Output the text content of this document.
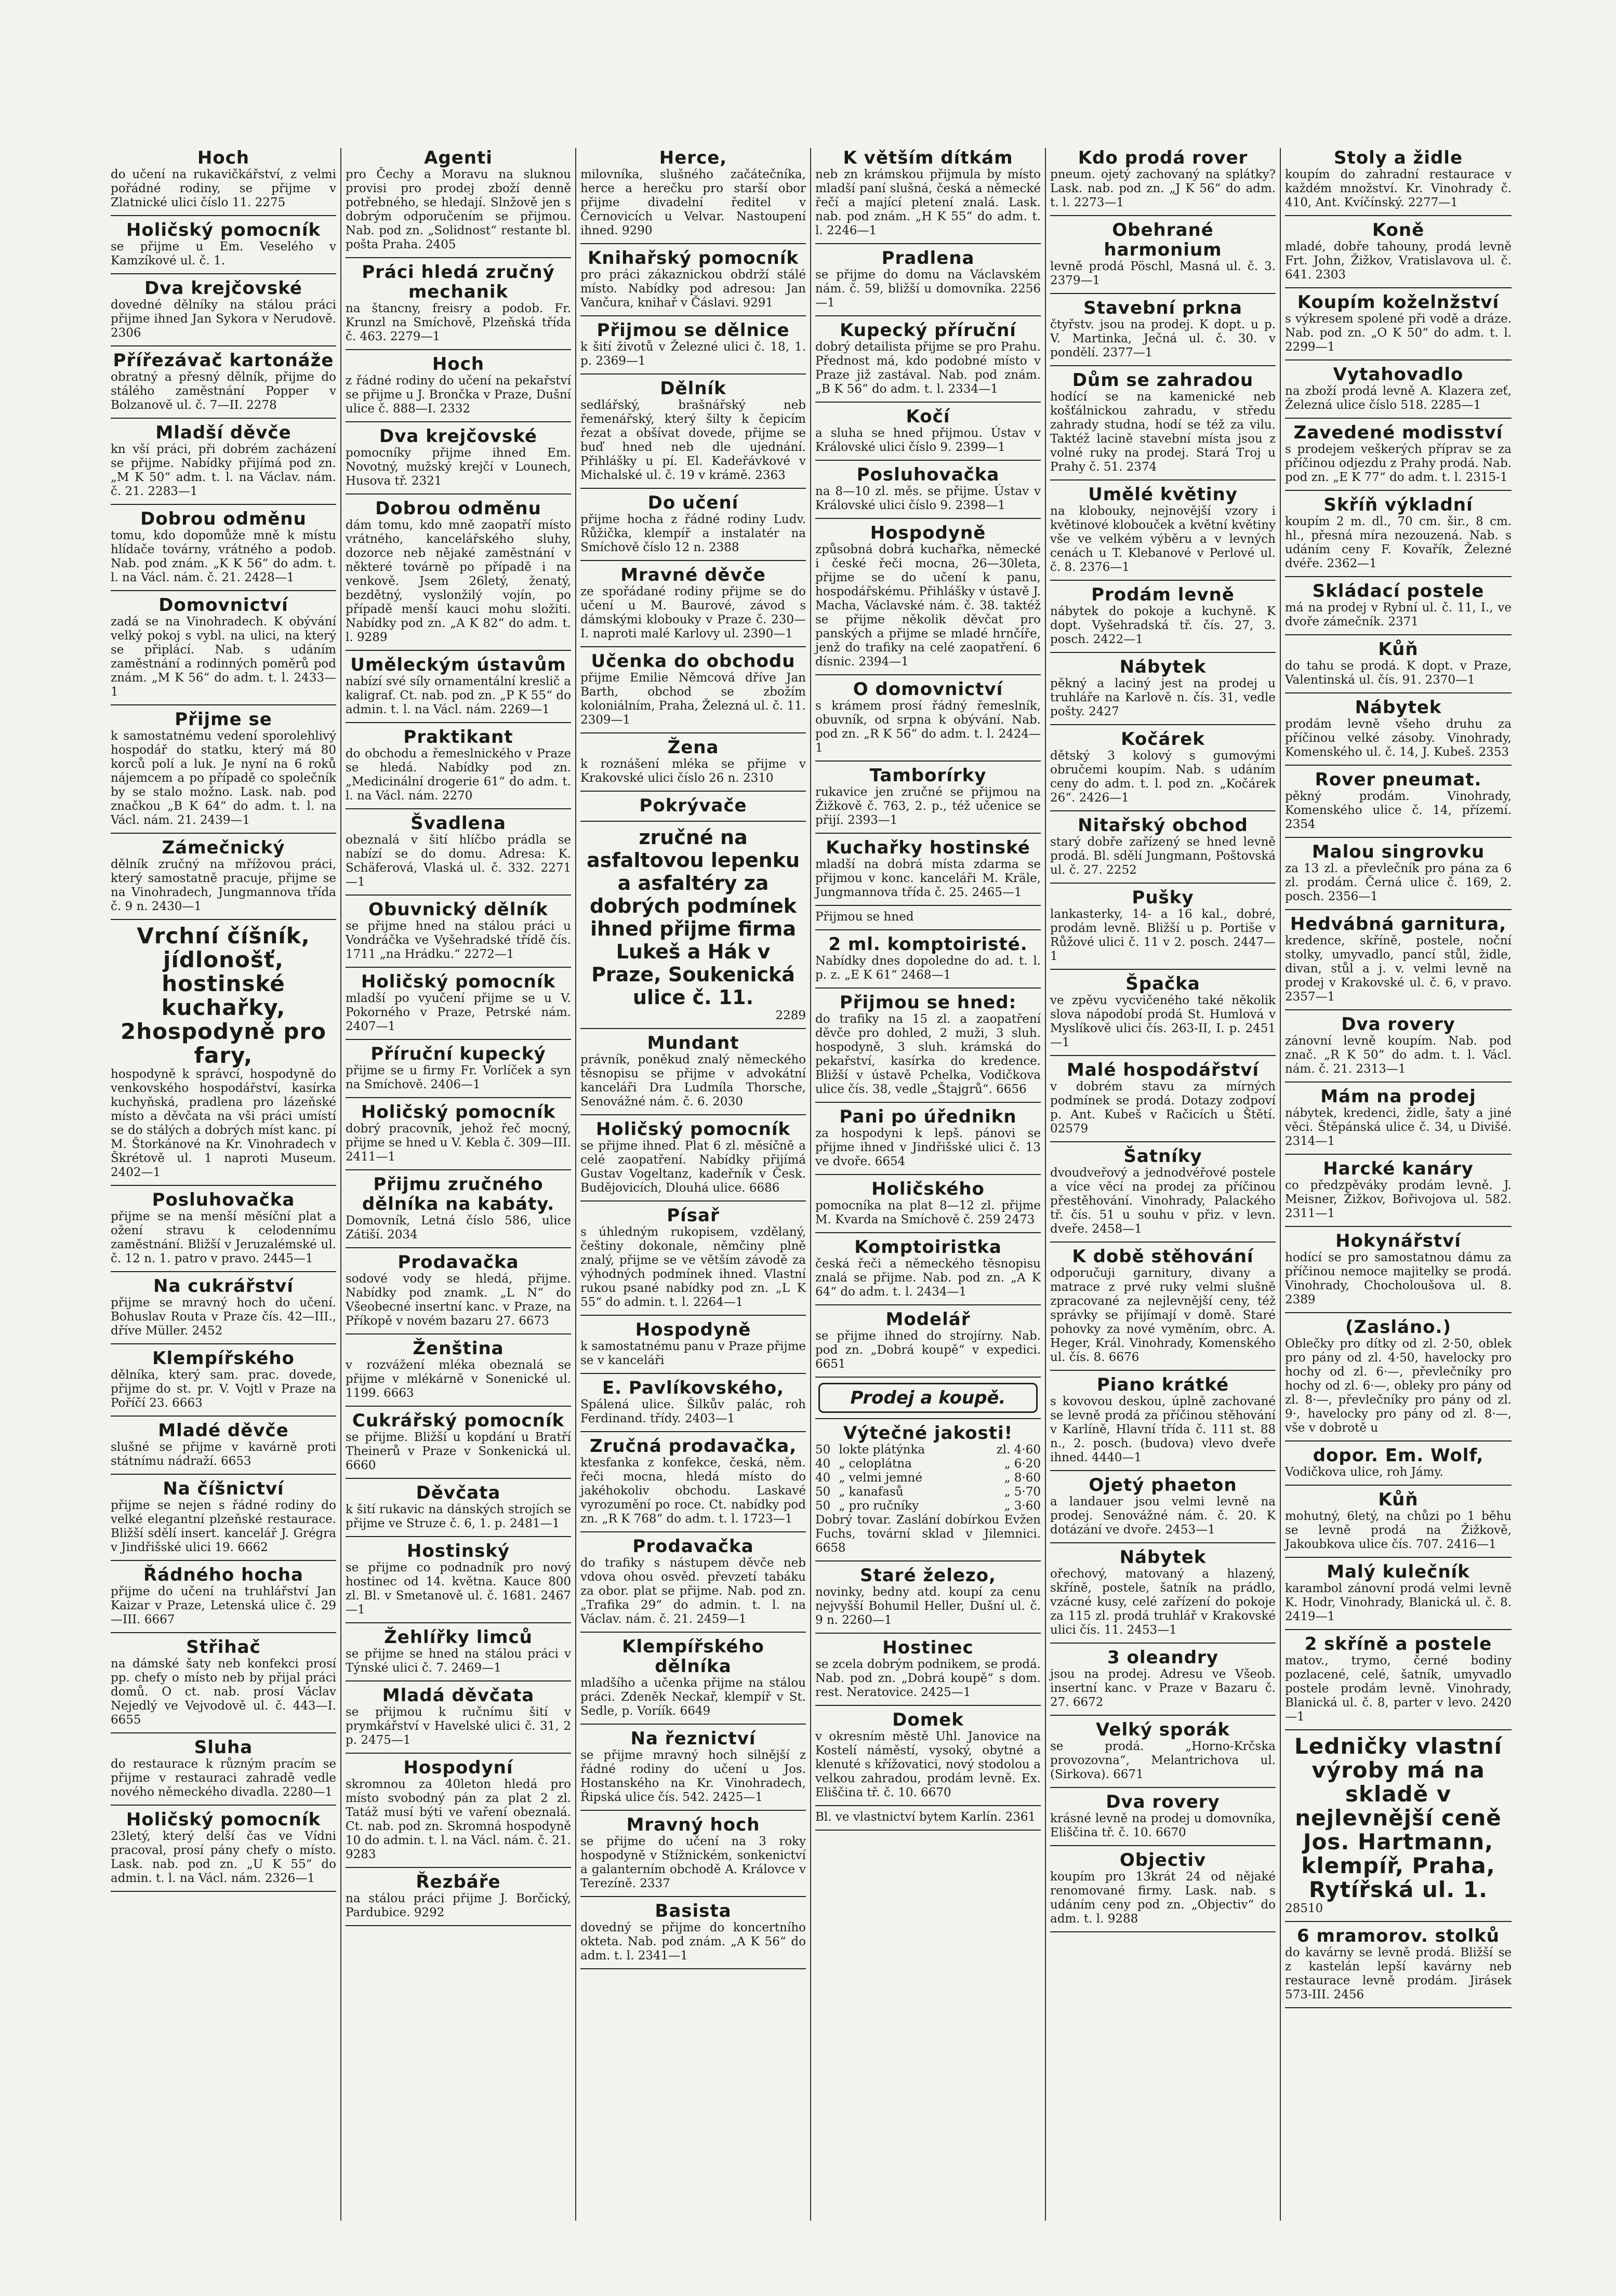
Hoch

do učení na rukavičkářství, z velmi pořádné rodiny, se přijme v Zlatnické ulici číslo 11. 2275

Holičský pomocník

se přijme u Em. Veselého v Kamzíkové ul. č. 1.

Dva krejčovské

dovedné dělníky na stálou práci přijme ihned Jan Sykora v Nerudově. 2306

Přířezávač kartonáže

obratný a přesný dělník, přijme do stálého zaměstnání Popper v Bolzanově ul. č. 7—II. 2278

Mladší děvče

kn vší práci, při dobrém zacházení se přijme. Nabídky přijímá pod zn. „M K 50“ adm. t. l. na Václav. nám. č. 21. 2283—1

Dobrou odměnu

tomu, kdo dopomůže mně k místu hlídače továrny, vrátného a podob. Nab. pod znám. „K K 56“ do adm. t. l. na Václ. nám. č. 21. 2428—1

Domovnictví

zadá se na Vinohradech. K obývání velký pokoj s vybl. na ulici, na který se připlácí. Nab. s udáním zaměstnání a rodinných poměrů pod znám. „M K 56“ do adm. t. l. 2433—1

Přijme se

k samostatnému vedení sporolehlivý hospodář do statku, který má 80 korců polí a luk. Je nyní na 6 roků nájemcem a po případě co společník by se stalo možno. Lask. nab. pod značkou „B K 64“ do adm. t. l. na Václ. nám. 21. 2439—1

Zámečnický

dělník zručný na mřížovou práci, který samostatně pracuje, přijme se na Vinohradech, Jungmannova třída č. 9 n. 2430—1

Vrchní číšník, jídlonošť, hostinské kuchařky, 2hospodyně pro fary,

hospodyně k správcí, hospodyně do venkovského hospodářství, kasírka kuchyňská, pradlena pro lázeňské místo a děvčata na vši práci umístí se do stálých a dobrých míst kanc. pí M. Štorkánové na Kr. Vinohradech v Škrétově ul. 1 naproti Museum. 2402—1

Posluhovačka

přijme se na menší měsíční plat a ožení stravu k celodennímu zaměstnání. Bližší v Jeruzalémské ul. č. 12 n. 1. patro v pravo. 2445—1

Na cukrářství

přijme se mravný hoch do učení. Bohuslav Routa v Praze čís. 42—III., dříve Müller. 2452

Klempířského

dělníka, který sam. prac. dovede, přijme do st. pr. V. Vojtl v Praze na Poříčí 23. 6663

Mladé děvče

slušné se přijme v kavárně proti státnímu nádraží. 6653

Na číšnictví

přijme se nejen s řádné rodiny do velké elegantní plzeňské restaurace. Bližší sdělí insert. kancelář J. Grégra v Jindřišské ulici 19. 6662

Řádného hocha

přijme do učení na truhlářství Jan Kaizar v Praze, Letenská ulice č. 29—III. 6667

Střihač

na dámské šaty neb konfekci prosí pp. chefy o místo neb by přijal práci domů. O ct. nab. prosí Václav Nejedlý ve Vejvodově ul. č. 443—I. 6655

Sluha

do restaurace k různým pracím se přijme v restauraci zahradě vedle nového německého divadla. 2280—1

Holičský pomocník

23letý, který delší čas ve Vídni pracoval, prosí pány chefy o místo. Lask. nab. pod zn. „U K 55“ do admin. t. l. na Václ. nám. 2326—1

Agenti

pro Čechy a Moravu na sluknou provisi pro prodej zboží denně potřebného, se hledají. Slnžově jen s dobrým odporučením se přijmou. Nab. pod zn. „Solidnost“ restante bl. pošta Praha. 2405

Práci hledá zručný mechanik

na štancny, freisry a podob. Fr. Krunzl na Smíchově, Plzeňská třída č. 463. 2279—1

Hoch

z řádné rodiny do učení na pekařství se přijme u J. Brončka v Praze, Dušní ulice č. 888—I. 2332

Dva krejčovské

pomocníky přijme ihned Em. Novotný, mužský krejčí v Lounech, Husova tř. 2321

Dobrou odměnu

dám tomu, kdo mně zaopatří místo vrátného, kancelářského sluhy, dozorce neb nějaké zaměstnání v některé továrně po případě i na venkově. Jsem 26letý, ženatý, bezdětný, vyslonžilý vojín, po případě menší kauci mohu složiti. Nabídky pod zn. „A K 82“ do adm. t. l. 9289

Uměleckým ústavům

nabízí své síly ornamentální kreslič a kaligraf. Ct. nab. pod zn. „P K 55“ do admin. t. l. na Václ. nám. 2269—1

Praktikant

do obchodu a řemeslnického v Praze se hledá. Nabídky pod zn. „Medicinální drogerie 61“ do adm. t. l. na Václ. nám. 2270

Švadlena

obeznalá v šití hlíčbo prádla se nabízí se do domu. Adresa: K. Schäferová, Vlaská ul. č. 332. 2271—1

Obuvnický dělník

se přijme hned na stálou práci u Vondráčka ve Vyšehradské třídě čís. 1711 „na Hrádku.“ 2272—1

Holičský pomocník

mladší po vyučení přijme se u V. Pokorného v Praze, Petrské nám. 2407—1

Příruční kupecký

přijme se u firmy Fr. Vorlíček a syn na Smíchově. 2406—1

Holičský pomocník

dobrý pracovník, jehož řeč mocný, přijme se hned u V. Kebla č. 309—III. 2411—1

Přijmu zručného dělníka na kabáty.

Domovník, Letná číslo 586, ulice Zátiší. 2034

Prodavačka

sodové vody se hledá, přijme. Nabídky pod znamk. „L N“ do Všeobecné insertní kanc. v Praze, na Příkopě v novém bazaru 27. 6673

Ženština

v rozvážení mléka obeznalá se přijme v mlékárně v Sonenické ul. 1199. 6663

Cukrářský pomocník

se přijme. Bližší u kopdání u Bratří Theinerů v Praze v Sonkenická ul. 6660

Děvčata

k šití rukavic na dánských strojích se přijme ve Struze č. 6, 1. p. 2481—1

Hostinský

se přijme co podnadník pro nový hostinec od 14. května. Kauce 800 zl. Bl. v Smetanově ul. č. 1681. 2467—1

Žehlířky limců

se přijme se hned na stálou práci v Týnské ulici č. 7. 2469—1

Mladá děvčata

se přijmou k ručnímu šití v prymkářství v Havelské ulici č. 31, 2 p. 2475—1

Hospodyní

skromnou za 40leton hledá pro místo svobodný pán za plat 2 zl. Tatáž musí býti ve vaření obeznalá. Ct. nab. pod zn. Skromná hospodyně 10 do admin. t. l. na Václ. nám. č. 21. 9283

Řezbáře

na stálou práci přijme J. Borčický, Pardubice. 9292

Herce,

milovníka, slušného začátečníka, herce a herečku pro starší obor přijme divadelní ředitel v Černovicích u Velvar. Nastoupení ihned. 9290

Knihařský pomocník

pro práci zákaznickou obdrží stálé místo. Nabídky pod adresou: Jan Vančura, knihař v Čáslavi. 9291

Přijmou se dělnice

k šití životů v Železné ulici č. 18, 1. p. 2369—1

Dělník

sedlářský, brašnářský neb řemenářský, který šilty k čepicím řezat a obšívat dovede, přijme se buď hned neb dle ujednání. Přihlášky u pí. El. Kadeřávkové v Michalské ul. č. 19 v krámě. 2363

Do učení

přijme hocha z řádné rodiny Ludv. Růžička, klempíř a instalatér na Smíchově číslo 12 n. 2388

Mravné děvče

ze spořádané rodiny přijme se do učení u M. Baurové, závod s dámskými klobouky v Praze č. 230—I. naproti malé Karlovy ul. 2390—1

Učenka do obchodu

přijme Emilie Němcová dříve Jan Barth, obchod se zbožím koloniálním, Praha, Železná ul. č. 11. 2309—1

Žena

k roznášení mléka se přijme v Krakovské ulici číslo 26 n. 2310

Pokrývače

zručné na asfaltovou lepenku a asfaltéry za dobrých podmínek ihned přijme firma Lukeš a Hák v Praze, Soukenická ulice č. 11.

2289

Mundant

právník, poněkud znalý německého těsnopisu se přijme v advokátní kanceláři Dra Ludmíla Thorsche, Senovážné nám. č. 6. 2030

Holičský pomocník

se přijme ihned. Plat 6 zl. měsíčně a celé zaopatření. Nabídky přijímá Gustav Vogeltanz, kadeřník v Česk. Budějovicích, Dlouhá ulice. 6686

Písař

s úhledným rukopisem, vzdělaný, češtiny dokonale, němčiny plně znalý, přijme se ve větším závodě za výhodných podmínek ihned. Vlastní rukou psané nabídky pod zn. „L K 55“ do admin. t. l. 2264—1

Hospodyně

k samostatnému panu v Praze přijme se v kanceláři

E. Pavlíkovského,

Spálená ulice. Šilkův palác, roh Ferdinand. třídy. 2403—1

Zručná prodavačka,

ktesfanka z konfekce, česká, něm. řeči mocna, hledá místo do jakéhokoliv obchodu. Laskavé vyrozumění po roce. Ct. nabídky pod zn. „R K 768“ do adm. t. l. 1723—1

Prodavačka

do trafiky s nástupem děvče neb vdova ohou osvěd. převzetí tabáku za obor. plat se přijme. Nab. pod zn. „Trafika 29“ do admin. t. l. na Václav. nám. č. 21. 2459—1

Klempířského dělníka

mladšího a učenka přijme na stálou práci. Zdeněk Neckař, klempíř v St. Sedle, p. Voríík. 6649

Na řeznictví

se přijme mravný hoch silnější z řádné rodiny do učení u Jos. Hostanského na Kr. Vinohradech, Řipská ulice čís. 542. 2425—1

Mravný hoch

se přijme do učení na 3 roky hospodyně v Stížnickém, sonkenictví a galanterním obchodě A. Královce v Terezíně. 2337

Basista

dovedný se přijme do koncertního okteta. Nab. pod znám. „A K 56“ do adm. t. l. 2341—1

K větším dítkám

neb zn krámskou přijmula by místo mladší paní slušná, česká a německé řečí a mající pletení znalá. Lask. nab. pod znám. „H K 55“ do adm. t. l. 2246—1

Pradlena

se přijme do domu na Václavském nám. č. 59, bližší u domovníka. 2256—1

Kupecký příruční

dobrý detailista přijme se pro Prahu. Přednost má, kdo podobné místo v Praze již zastával. Nab. pod znám. „B K 56“ do adm. t. l. 2334—1

Kočí

a sluha se hned přijmou. Ústav v Královské ulici číslo 9. 2399—1

Posluhovačka

na 8—10 zl. měs. se přijme. Ústav v Královské ulici číslo 9. 2398—1

Hospodyně

způsobná dobrá kuchařka, německé i české řeči mocna, 26—30leta, přijme se do učení k panu, hospodářskému. Přihlášky v ústavě J. Macha, Václavské nám. č. 38. taktéž se přijme několik děvčat pro panských a přijme se mladé hrnčíře, jenž do trafiky na celé zaopatření. 6 dísnic. 2394—1

O domovnictví

s krámem prosí řádný řemeslník, obuvník, od srpna k obývání. Nab. pod zn. „R K 56“ do adm. t. l. 2424—1

Tamborírky

rukavice jen zručné se přijmou na Žižkově č. 763, 2. p., též učenice se přijí. 2393—1

Kuchařky hostinské

mladší na dobrá místa zdarma se přijmou v konc. kanceláři M. Kräle, Jungmannova třída č. 25. 2465—1

Přijmou se hned

2 ml. komptoiristé.

Nabídky dnes dopoledne do ad. t. l. p. z. „E K 61“ 2468—1

Přijmou se hned:

do trafiky na 15 zl. a zaopatření děvče pro dohled, 2 muži, 3 sluh. hospodyně, 3 sluh. krámská do pekařství, kasírka do kredence. Bližší v ústavě Pchelka, Vodičkova ulice čís. 38, vedle „Štajgrů“. 6656

Pani po úřednikn

za hospodyni k lepš. pánovi se přijme ihned v Jindřišské ulici č. 13 ve dvoře. 6654

Holičského

pomocníka na plat 8—12 zl. přijme M. Kvarda na Smíchově č. 259 2473

Komptoiristka

česká řeči a německého těsnopisu znalá se přijme. Nab. pod zn. „A K 64“ do adm. t. l. 2434—1

Modelář

se přijme ihned do strojírny. Nab. pod zn. „Dobrá koupě“ v expedici. 6651

Prodej a koupě.
Výtečné jakosti!
50	lokte plátýnka	zl. 4·60
40	„ celoplátna	„ 6·20
40	„ velmi jemné	„ 8·60
50	„ kanafasů	„ 5·70
50	„ pro ručníky	„ 3·60

Dobrý tovar. Zaslání dobírkou Evžen Fuchs, tovární sklad v Jilemnici. 6658

Staré železo,

novinky, bedny atd. koupí za cenu nejvyšší Bohumil Heller, Dušní ul. č. 9 n. 2260—1

Hostinec

se zcela dobrým podnikem, se prodá. Nab. pod zn. „Dobrá koupě“ s dom. rest. Neratovice. 2425—1

Domek

v okresním městě Uhl. Janovice na Kostelí náměstí, vysoký, obytné a klenuté s křížovatici, nový stodolou a velkou zahradou, prodám levně. Ex. Eliščina tř. č. 10. 6670

Bl. ve vlastnictví bytem Karlín. 2361

Kdo prodá rover

pneum. ojetý zachovaný na splátky? Lask. nab. pod zn. „J K 56“ do adm. t. l. 2273—1

Obehrané harmonium

levně prodá Pöschl, Masná ul. č. 3. 2379—1

Stavební prkna

čtyřstv. jsou na prodej. K dopt. u p. V. Martinka, Ječná ul. č. 30. v pondělí. 2377—1

Dům se zahradou

hodící se na kamenické neb košťálnickou zahradu, v středu zahrady studna, hodí se též za vilu. Taktéž lacině stavební místa jsou z volné ruky na prodej. Stará Troj u Prahy č. 51. 2374

Umělé květiny

na klobouky, nejnovější vzory i květinové klobouček a květní květiny vše ve velkém výběru a v levných cenách u T. Klebanové v Perlové ul. č. 8. 2376—1

Prodám levně

nábytek do pokoje a kuchyně. K dopt. Vyšehradská tř. čís. 27, 3. posch. 2422—1

Nábytek

pěkný a laciný jest na prodej u truhláře na Karlově n. čís. 31, vedle pošty. 2427

Kočárek

dětský 3 kolový s gumovými obručemi koupím. Nab. s udáním ceny do adm. t. l. pod zn. „Kočárek 26“. 2426—1

Nitařský obchod

starý dobře zařízený se hned levně prodá. Bl. sdělí Jungmann, Poštovská ul. č. 27. 2252

Pušky

lankasterky, 14- a 16 kal., dobré, prodám levně. Bližší u p. Portiše v Růžové ulici č. 11 v 2. posch. 2447—1

Špačka

ve zpěvu vycvičeného také několik slova nápodobí prodá St. Humlová v Myslíkově ulici čís. 263-II, I. p. 2451—1

Malé hospodářství

v dobrém stavu za mírných podmínek se prodá. Dotazy zodpoví p. Ant. Kubeš v Račicích u Štětí. 02579

Šatníky

dvoudveřový a jednodvéřové postele a více věcí na prodej za příčinou přestěhování. Vinohrady, Palackého tř. čís. 51 u souhu v přiz. v levn. dveře. 2458—1

K době stěhování

odporučuji garnitury, divany a matrace z prvé ruky velmi slušně zpracované za nejlevnější ceny, též správky se přijímají v domě. Staré pohovky za nové vyměním, obrc. A. Heger, Král. Vinohrady, Komenského ul. čís. 8. 6676

Piano krátké

s kovovou deskou, úplně zachované se levně prodá za příčinou stěhování v Karlíně, Hlavní třída č. 111 st. 88 n., 2. posch. (budova) vlevo dveře ihned. 4440—1

Ojetý phaeton

a landauer jsou velmi levně na prodej. Senovážné nám. č. 20. K dotázání ve dvoře. 2453—1

Nábytek

ořechový, matovaný a hlazený, skříně, postele, šatník na prádlo, vzácné kusy, celé zařízení do pokoje za 115 zl. prodá truhlář v Krakovské ulici čís. 11. 2453—1

3 oleandry

jsou na prodej. Adresu ve Všeob. insertní kanc. v Praze v Bazaru č. 27. 6672

Velký sporák

se prodá. „Horno-Krčska provozovna“, Melantrichova ul. (Sirkova). 6671

Dva rovery

krásné levně na prodej u domovníka, Eliščina tř. č. 10. 6670

Objectiv

koupím pro 13krát 24 od nějaké renomované firmy. Lask. nab. s udáním ceny pod zn. „Objectiv“ do adm. t. l. 9288

Stoly a židle

koupím do zahradní restaurace v každém množství. Kr. Vinohrady č. 410, Ant. Kvíčínský. 2277—1

Koně

mladé, dobře tahouny, prodá levně Frt. John, Žižkov, Vratislavova ul. č. 641. 2303

Koupím koželnžství

s výkresem spolené při vodě a dráze. Nab. pod zn. „O K 50“ do adm. t. l. 2299—1

Vytahovadlo

na zboží prodá levně A. Klazera zeť, Železná ulice číslo 518. 2285—1

Zavedené modisství

s prodejem veškerých příprav se za příčinou odjezdu z Prahy prodá. Nab. pod zn. „E K 77“ do adm. t. l. 2315-1

Skříň výkladní

koupím 2 m. dl., 70 cm. šir., 8 cm. hl., přesná míra nezouzená. Nab. s udáním ceny F. Kovařík, Železné dvéře. 2362—1

Skládací postele

má na prodej v Rybní ul. č. 11, I., ve dvoře zámečník. 2371

Kůň

do tahu se prodá. K dopt. v Praze, Valentinská ul. čís. 91. 2370—1

Nábytek

prodám levně všeho druhu za příčinou velké zásoby. Vinohrady, Komenského ul. č. 14, J. Kubeš. 2353

Rover pneumat.

pěkný prodám. Vinohrady, Komenského ulice č. 14, přízemí. 2354

Malou singrovku

za 13 zl. a převlečník pro pána za 6 zl. prodám. Černá ulice č. 169, 2. posch. 2356—1

Hedvábná garnitura,

kredence, skříně, postele, noční stolky, umyvadlo, pancí stůl, židle, divan, stůl a j. v. velmi levně na prodej v Krakovské ul. č. 6, v pravo. 2357—1

Dva rovery

zánovní levně koupím. Nab. pod znač. „R K 50“ do adm. t. l. Václ. nám. č. 21. 2313—1

Mám na prodej

nábytek, kredenci, židle, šaty a jiné věci. Štěpánská ulice č. 34, u Divišé. 2314—1

Harcké kanáry

co předzpěváky prodám levně. J. Meisner, Žižkov, Bořivojova ul. 582. 2311—1

Hokynářství

hodící se pro samostatnou dámu za příčinou nemoce majitelky se prodá. Vinohrady, Chocholoušova ul. 8. 2389

(Zasláno.)

Oblečky pro dítky od zl. 2·50, oblek pro pány od zl. 4·50, havelocky pro hochy od zl. 6·—, převlečníky pro hochy od zl. 6·—, obleky pro pány od zl. 8·—, převlečníky pro pány od zl. 9·, havelocky pro pány od zl. 8·—, vše v dobrotě u

dopor. Em. Wolf,

Vodičkova ulice, roh Jámy.

Kůň

mohutný, 6letý, na chůzi po 1 běhu se levně prodá na Žižkově, Jakoubkova ulice čís. 707. 2416—1

Malý kulečník

karambol zánovní prodá velmi levně K. Hodr, Vinohrady, Blanická ul. č. 8. 2419—1

2 skříně a postele

matov., trymo, černé bodiny pozlacené, celé, šatník, umyvadlo postele prodám levně. Vinohrady, Blanická ul. č. 8, parter v levo. 2420—1

Ledničky vlastní výroby má na skladě v nejlevnější ceně Jos. Hartmann, klempíř, Praha, Rytířská ul. 1.

28510

6 mramorov. stolků

do kavárny se levně prodá. Bližší se z kastelán lepší kavárny neb restaurace levně prodám. Jirásek 573-III. 2456
